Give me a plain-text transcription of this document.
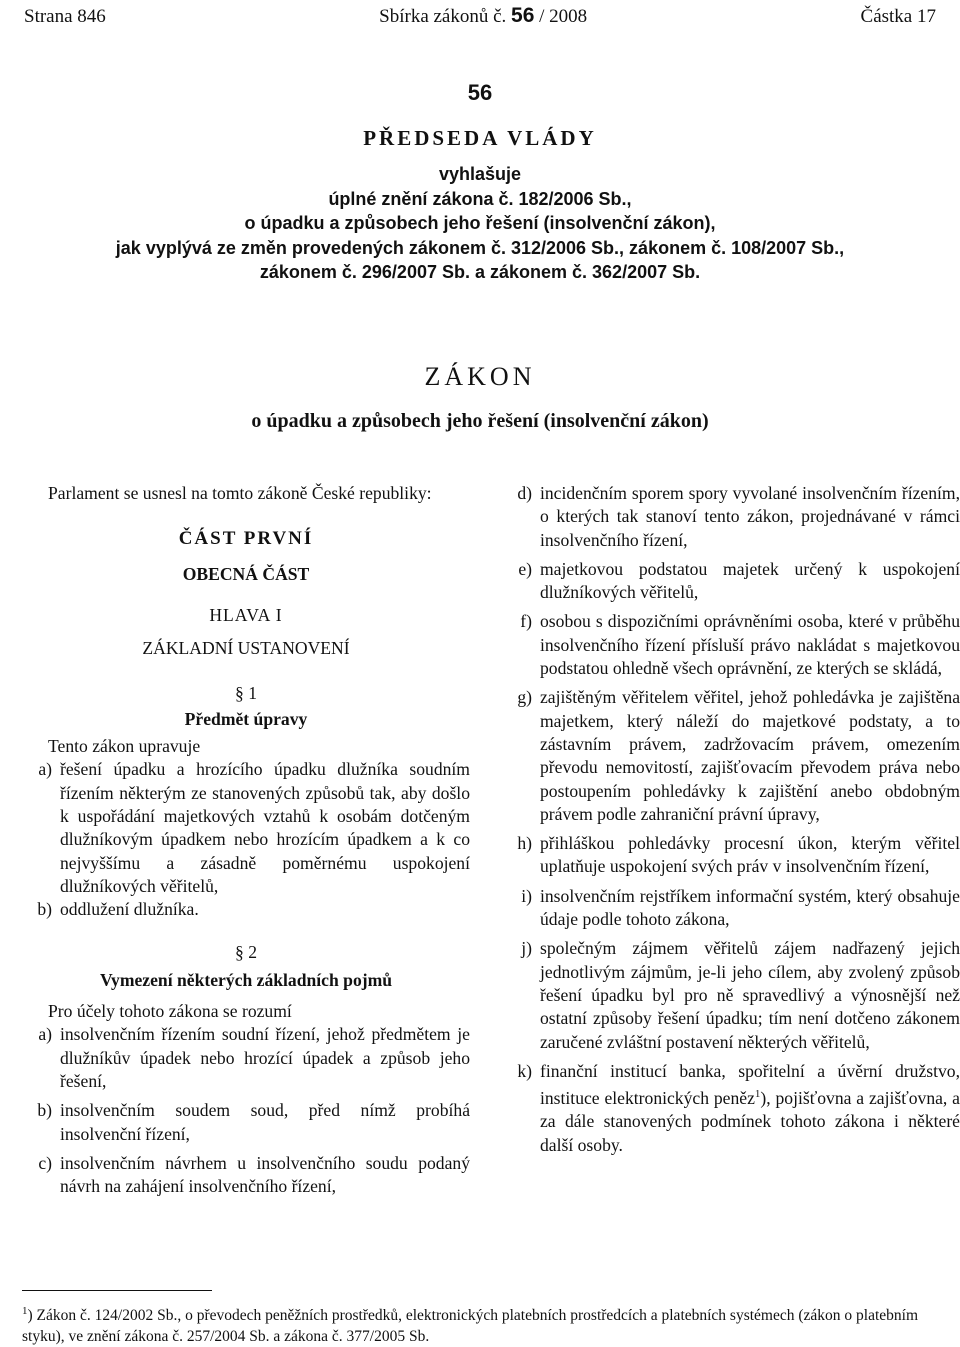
Strana 846	Sbírka zákonů č. 56 / 2008	Částka 17
56
PŘEDSEDA VLÁDY
vyhlašuje
úplné znění zákona č. 182/2006 Sb.,
o úpadku a způsobech jeho řešení (insolvenční zákon),
jak vyplývá ze změn provedených zákonem č. 312/2006 Sb., zákonem č. 108/2007 Sb.,
zákonem č. 296/2007 Sb. a zákonem č. 362/2007 Sb.
ZÁKON
o úpadku a způsobech jeho řešení (insolvenční zákon)
Parlament se usnesl na tomto zákoně České republiky:
ČÁST PRVNÍ
OBECNÁ ČÁST
HLAVA I
ZÁKLADNÍ USTANOVENÍ
§ 1
Předmět úpravy
Tento zákon upravuje
a) řešení úpadku a hrozícího úpadku dlužníka soudním řízením některým ze stanovených způsobů tak, aby došlo k uspořádání majetkových vztahů k osobám dotčeným dlužníkovým úpadkem nebo hrozícím úpadkem a k co nejvyššímu a zásadně poměrnému uspokojení dlužníkových věřitelů,
b) oddlužení dlužníka.
§ 2
Vymezení některých základních pojmů
Pro účely tohoto zákona se rozumí
a) insolvenčním řízením soudní řízení, jehož předmětem je dlužníkův úpadek nebo hrozící úpadek a způsob jeho řešení,
b) insolvenčním soudem soud, před nímž probíhá insolvenční řízení,
c) insolvenčním návrhem u insolvenčního soudu podaný návrh na zahájení insolvenčního řízení,
d) incidenčním sporem spory vyvolané insolvenčním řízením, o kterých tak stanoví tento zákon, projednávané v rámci insolvenčního řízení,
e) majetkovou podstatou majetek určený k uspokojení dlužníkových věřitelů,
f) osobou s dispozičními oprávněními osoba, které v průběhu insolvenčního řízení přísluší právo nakládat s majetkovou podstatou ohledně všech oprávnění, ze kterých se skládá,
g) zajištěným věřitelem věřitel, jehož pohledávka je zajištěna majetkem, který náleží do majetkové podstaty, a to zástavním právem, zadržovacím právem, omezením převodu nemovitostí, zajišťovacím převodem práva nebo postoupením pohledávky k zajištění anebo obdobným právem podle zahraniční právní úpravy,
h) přihláškou pohledávky procesní úkon, kterým věřitel uplatňuje uspokojení svých práv v insolvenčním řízení,
i) insolvenčním rejstříkem informační systém, který obsahuje údaje podle tohoto zákona,
j) společným zájmem věřitelů zájem nadřazený jejich jednotlivým zájmům, je-li jeho cílem, aby zvolený způsob řešení úpadku byl pro ně spravedlivý a výnosnější než ostatní způsoby řešení úpadku; tím není dotčeno zákonem zaručené zvláštní postavení některých věřitelů,
k) finanční institucí banka, spořitelní a úvěrní družstvo, instituce elektronických peněz$^1$), pojišťovna a zajišťovna, a za dále stanovených podmínek tohoto zákona i některé další osoby.
$^1$) Zákon č. 124/2002 Sb., o převodech peněžních prostředků, elektronických platebních prostředcích a platebních systémech (zákon o platebním styku), ve znění zákona č. 257/2004 Sb. a zákona č. 377/2005 Sb.
